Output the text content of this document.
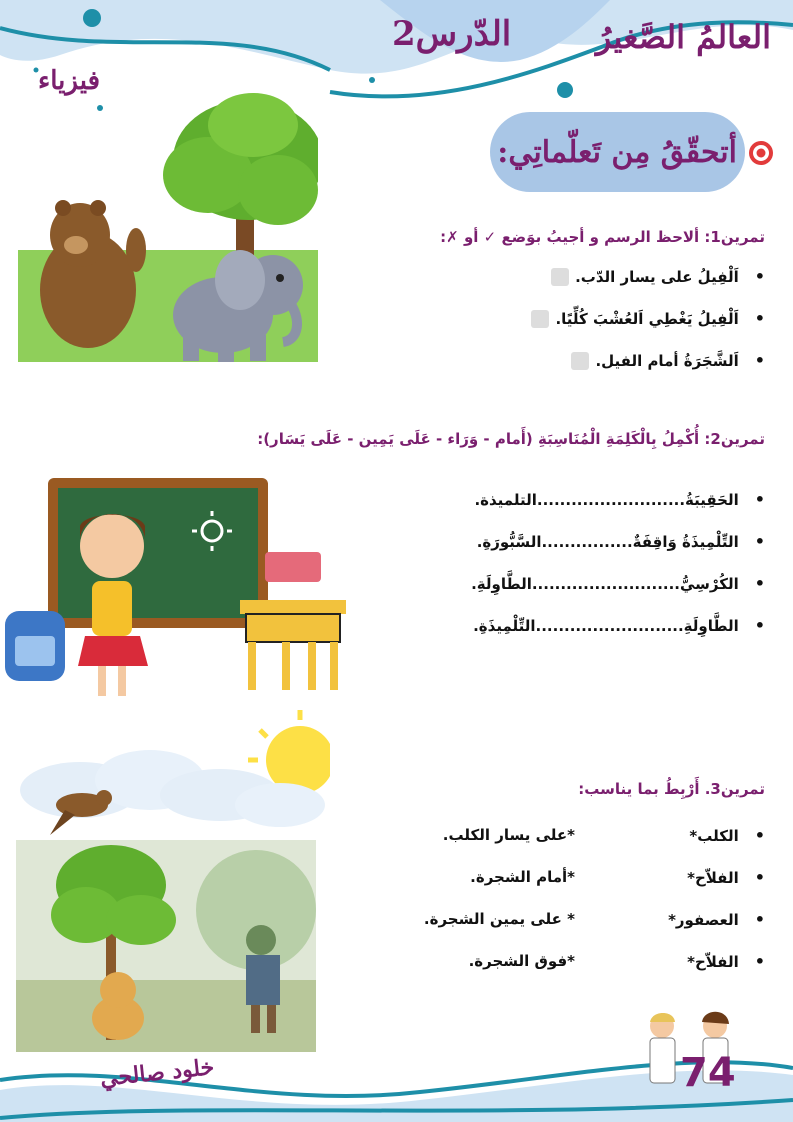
العالمُ الصَّغيرُ
الدّرس2
فيزياء
أتحقّقُ مِن تَعلّماتِي:
تمرين1: ألاحظ الرسم و أجيبُ بوَضع ✓ أو ✗:
•
اَلْفِيلُ على يسار الدّب.
•
اَلْفِيلُ يَغْطِي اَلعُشْبَ كُلِّيًا.
•
اَلشَّجَرَةُ أمام الفيل.
تمرين2: أُكْمِلُ بِالْكَلِمَةِ الْمُنَاسِبَةِ (أَمام - وَرَاء - عَلَى يَمِين - عَلَى يَسَار):
•
الحَقِيبَةُ..........................التلميذة.
•
التِّلْمِيذَةُ وَاقِفَةٌ................السَّبُّورَةِ.
•
الكُرْسِيُّ..........................الطَّاوِلَةِ.
•
الطَّاوِلَةِ..........................التِّلْمِيذَةِ.
تمرين3. أَرْبِطُ بما يناسب:
•
الكلب*
•
الفلاّح*
•
العصفور*
•
الفلاّح*
*على يسار الكلب.
*أمام الشجرة.
* على يمين الشجرة.
*فوق الشجرة.
خلود صالحي	74
